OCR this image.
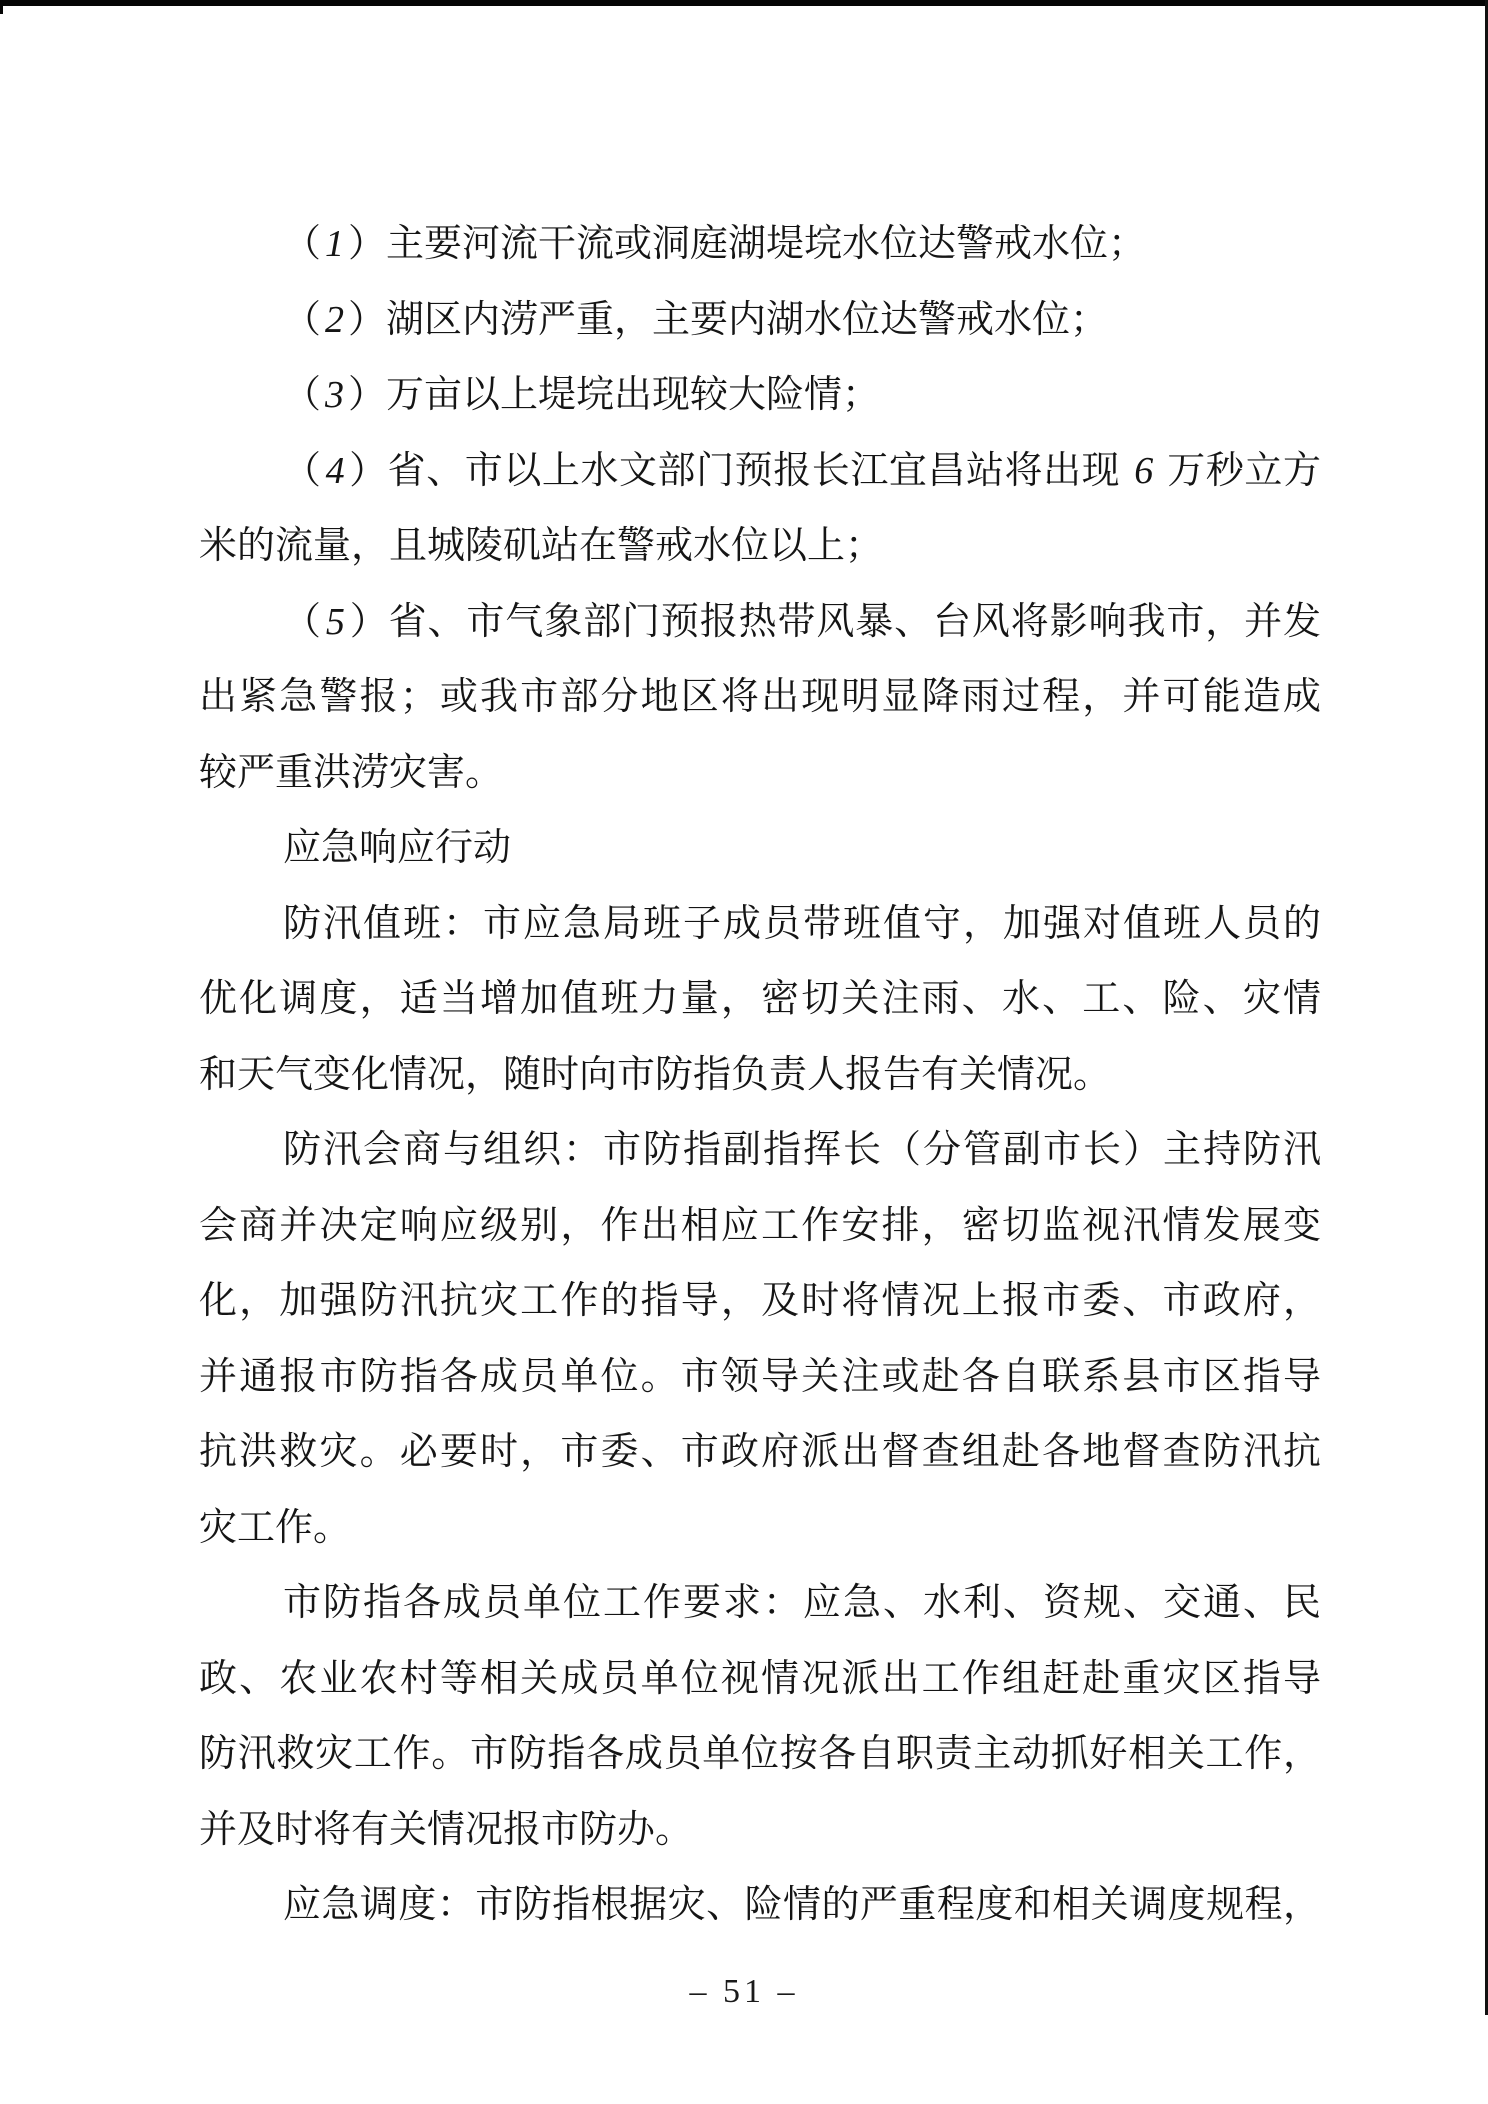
（ 1 ）主要河流干流或洞庭湖堤垸水位达警戒水位；
（ 2 ）湖区内涝严重，主要内湖水位达警戒水位；
（ 3 ）万亩以上堤垸出现较大险情；
（ 4 ）省、市以上水文部门预报长江宜昌站将出现 6 万秒立方
米的流量，且城陵矶站在警戒水位以上；
（ 5 ）省、市气象部门预报热带风暴、台风将影响我市，并发
出紧急警报；或我市部分地区将出现明显降雨过程，并可能造成
较严重洪涝灾害。
应急响应行动
防汛值班：市应急局班子成员带班值守，加强对值班人员的
优化调度，适当增加值班力量，密切关注雨、水、工、险、灾情
和天气变化情况，随时向市防指负责人报告有关情况。
防汛会商与组织：市防指副指挥长（分管副市长）主持防汛
会商并决定响应级别，作出相应工作安排，密切监视汛情发展变
化，加强防汛抗灾工作的指导，及时将情况上报市委、市政府，
并通报市防指各成员单位。市领导关注或赴各自联系县市区指导
抗洪救灾。必要时，市委、市政府派出督查组赴各地督查防汛抗
灾工作。
市防指各成员单位工作要求：应急、水利、资规、交通、民
政、农业农村等相关成员单位视情况派出工作组赶赴重灾区指导
防汛救灾工作。市防指各成员单位按各自职责主动抓好相关工作，
并及时将有关情况报市防办。
应急调度：市防指根据灾、险情的严重程度和相关调度规程，
– 51 –
